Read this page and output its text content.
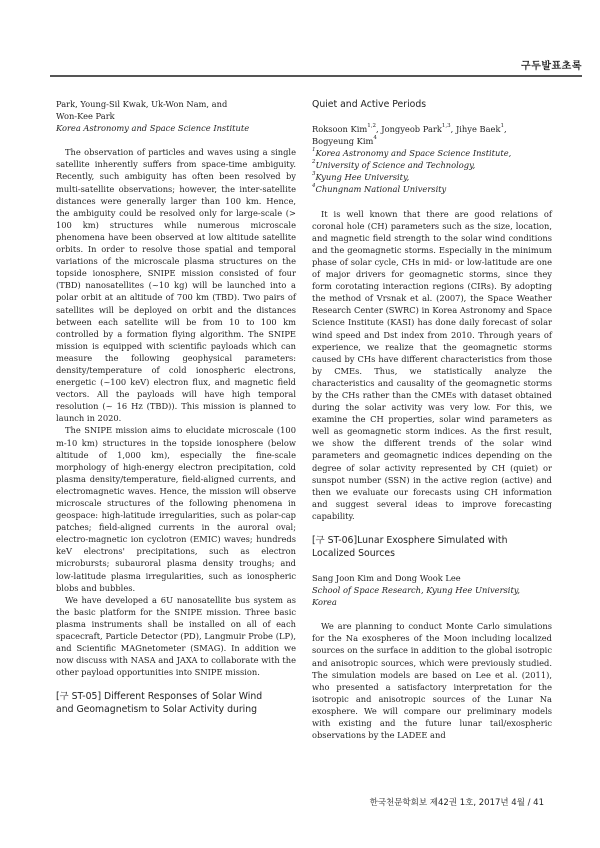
구두발표초록

Park, Young-Sil Kwak, Uk-Won Nam, and

Won-Kee Park

Korea Astronomy and Space Science Institute

The observation of particles and waves using a single satellite inherently suffers from space-time ambiguity. Recently, such ambiguity has often been resolved by multi-satellite observations; however, the inter-satellite distances were generally larger than 100 km. Hence, the ambiguity could be resolved only for large-scale (> 100 km) structures while numerous microscale phenomena have been observed at low altitude satellite orbits. In order to resolve those spatial and temporal variations of the microscale plasma structures on the topside ionosphere, SNIPE mission consisted of four (TBD) nanosatellites (~10 kg) will be launched into a polar orbit at an altitude of 700 km (TBD). Two pairs of satellites will be deployed on orbit and the distances between each satellite will be from 10 to 100 km controlled by a formation flying algorithm. The SNIPE mission is equipped with scientific payloads which can measure the following geophysical parameters: density/temperature of cold ionospheric electrons, energetic (~100 keV) electron flux, and magnetic field vectors. All the payloads will have high temporal resolution (~ 16 Hz (TBD)). This mission is planned to launch in 2020.

The SNIPE mission aims to elucidate microscale (100 m-10 km) structures in the topside ionosphere (below altitude of 1,000 km), especially the fine-scale morphology of high-energy electron precipitation, cold plasma density/temperature, field-aligned currents, and electromagnetic waves. Hence, the mission will observe microscale structures of the following phenomena in geospace: high-latitude irregularities, such as polar-cap patches; field-aligned currents in the auroral oval; electro-magnetic ion cyclotron (EMIC) waves; hundreds keV electrons' precipitations, such as electron microbursts; subauroral plasma density troughs; and low-latitude plasma irregularities, such as ionospheric blobs and bubbles.

We have developed a 6U nanosatellite bus system as the basic platform for the SNIPE mission. Three basic plasma instruments shall be installed on all of each spacecraft, Particle Detector (PD), Langmuir Probe (LP), and Scientific MAGnetometer (SMAG). In addition we now discuss with NASA and JAXA to collaborate with the other payload opportunities into SNIPE mission.

[구 ST-05] Different Responses of Solar Wind

and Geomagnetism to Solar Activity during

Quiet and Active Periods

Roksoon Kim$^{1,2}$, Jongyeob Park$^{1,3}$, Jihye Baek$^1$,

Bogyeung Kim$^4$

$^1$Korea Astronomy and Space Science Institute,

$^2$University of Science and Technology,

$^3$Kyung Hee University,

$^4$Chungnam National University

It is well known that there are good relations of coronal hole (CH) parameters such as the size, location, and magnetic field strength to the solar wind conditions and the geomagnetic storms. Especially in the minimum phase of solar cycle, CHs in mid- or low-latitude are one of major drivers for geomagnetic storms, since they form corotating interaction regions (CIRs). By adopting the method of Vrsnak et al. (2007), the Space Weather Research Center (SWRC) in Korea Astronomy and Space Science Institute (KASI) has done daily forecast of solar wind speed and Dst index from 2010. Through years of experience, we realize that the geomagnetic storms caused by CHs have different characteristics from those by CMEs. Thus, we statistically analyze the characteristics and causality of the geomagnetic storms by the CHs rather than the CMEs with dataset obtained during the solar activity was very low. For this, we examine the CH properties, solar wind parameters as well as geomagnetic storm indices. As the first result, we show the different trends of the solar wind parameters and geomagnetic indices depending on the degree of solar activity represented by CH (quiet) or sunspot number (SSN) in the active region (active) and then we evaluate our forecasts using CH information and suggest several ideas to improve forecasting capability.

[구 ST-06]Lunar Exosphere Simulated with

Localized Sources

Sang Joon Kim and Dong Wook Lee

School of Space Research, Kyung Hee University,

Korea

We are planning to conduct Monte Carlo simulations for the Na exospheres of the Moon including localized sources on the surface in addition to the global isotropic and anisotropic sources, which were previously studied. The simulation models are based on Lee et al. (2011), who presented a satisfactory interpretation for the isotropic and anisotropic sources of the Lunar Na exosphere. We will compare our preliminary models with existing and the future lunar tail/exospheric observations by the LADEE and

한국천문학회보 제42권 1호, 2017년 4월 / 41
